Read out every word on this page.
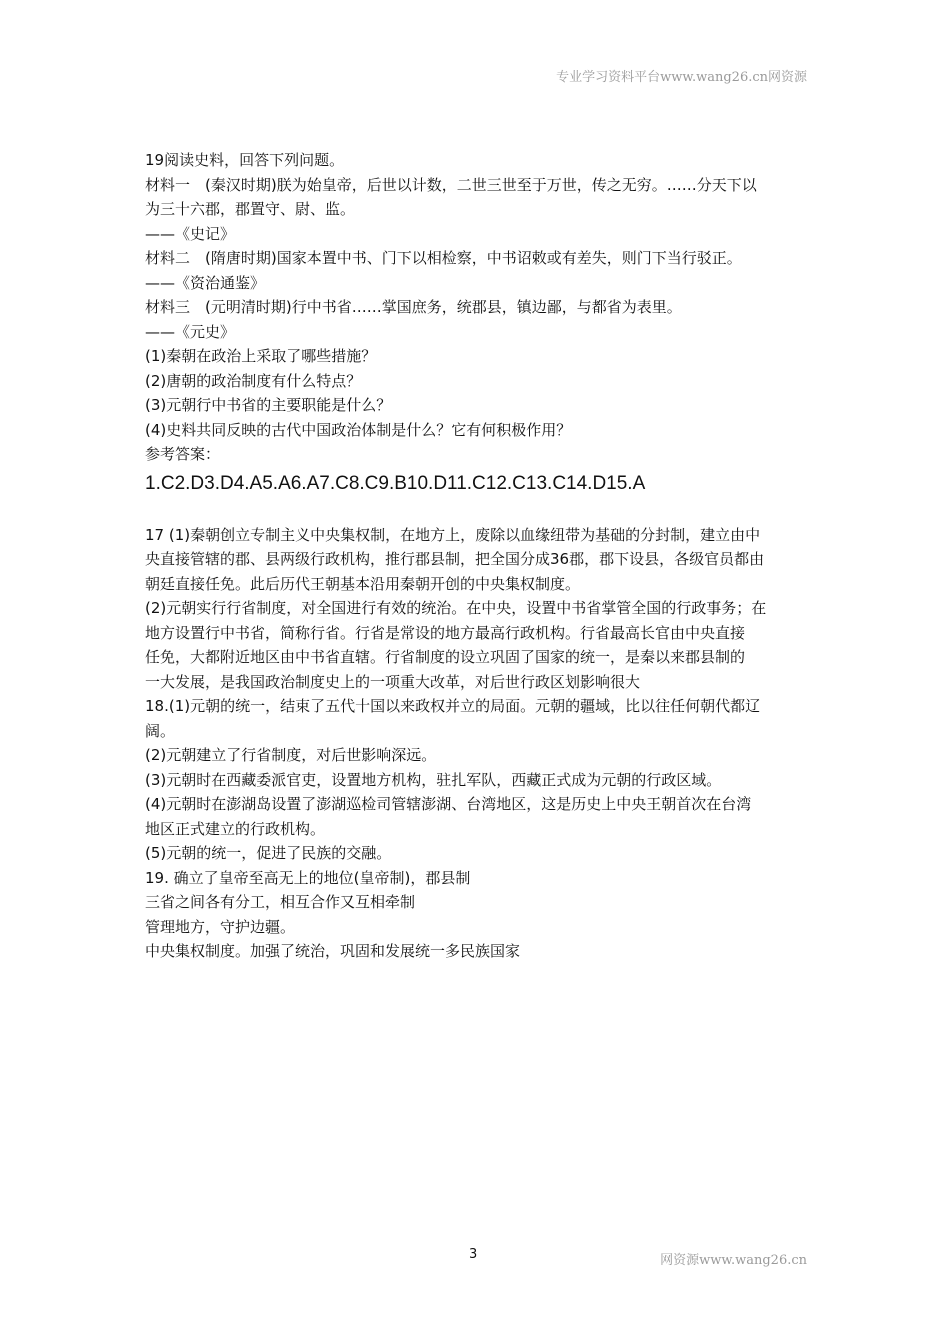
专业学习资料平台www.wang26.cn网资源
19阅读史料，回答下列问题。
材料一　(秦汉时期)朕为始皇帝，后世以计数，二世三世至于万世，传之无穷。……分天下以
为三十六郡，郡置守、尉、监。
——《史记》
材料二　(隋唐时期)国家本置中书、门下以相检察，中书诏敕或有差失，则门下当行驳正。
——《资治通鉴》
材料三　(元明清时期)行中书省……掌国庶务，统郡县，镇边鄙，与都省为表里。
——《元史》
(1)秦朝在政治上采取了哪些措施？
(2)唐朝的政治制度有什么特点？
(3)元朝行中书省的主要职能是什么？
(4)史料共同反映的古代中国政治体制是什么？它有何积极作用？
参考答案：
1.C2.D3.D4.A5.A6.A7.C8.C9.B10.D11.C12.C13.C14.D15.A
17 (1)秦朝创立专制主义中央集权制，在地方上，废除以血缘纽带为基础的分封制，建立由中
央直接管辖的郡、县两级行政机构，推行郡县制，把全国分成36郡，郡下设县，各级官员都由
朝廷直接任免。此后历代王朝基本沿用秦朝开创的中央集权制度。
(2)元朝实行行省制度，对全国进行有效的统治。在中央，设置中书省掌管全国的行政事务；在
地方设置行中书省，简称行省。行省是常设的地方最高行政机构。行省最高长官由中央直接
任免，大都附近地区由中书省直辖。行省制度的设立巩固了国家的统一，是秦以来郡县制的
一大发展，是我国政治制度史上的一项重大改革，对后世行政区划影响很大
18.(1)元朝的统一，结束了五代十国以来政权并立的局面。元朝的疆域，比以往任何朝代都辽
阔。
(2)元朝建立了行省制度，对后世影响深远。
(3)元朝时在西藏委派官吏，设置地方机构，驻扎军队，西藏正式成为元朝的行政区域。
(4)元朝时在澎湖岛设置了澎湖巡检司管辖澎湖、台湾地区，这是历史上中央王朝首次在台湾
地区正式建立的行政机构。
(5)元朝的统一，促进了民族的交融。
19. 确立了皇帝至高无上的地位(皇帝制)，郡县制
三省之间各有分工，相互合作又互相牵制
管理地方，守护边疆。
中央集权制度。加强了统治，巩固和发展统一多民族国家
3	网资源www.wang26.cn
